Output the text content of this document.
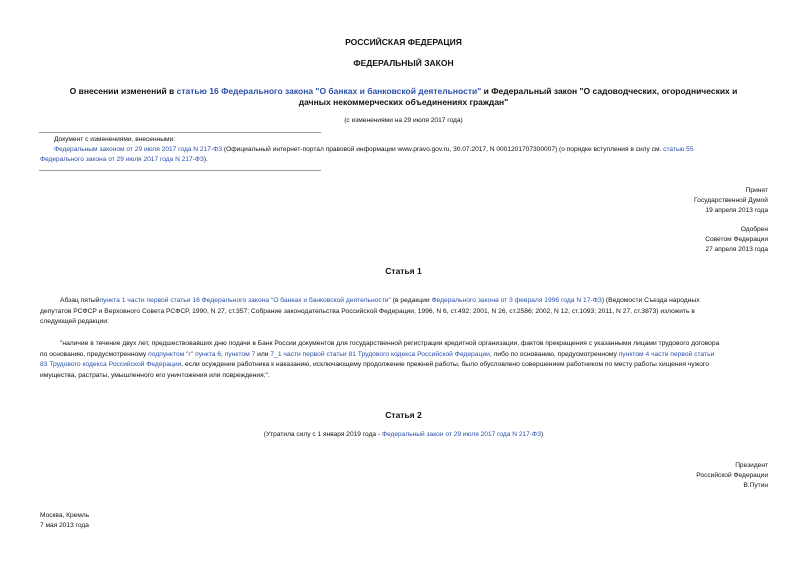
РОССИЙСКАЯ ФЕДЕРАЦИЯ
ФЕДЕРАЛЬНЫЙ ЗАКОН
О внесении изменений в статью 16 Федерального закона "О банках и банковской деятельности" и Федеральный закон "О садоводческих, огороднических и
дачных некоммерческих объединениях граждан"
(с изменениями на 29 июля 2017 года)
Документ с изменениями, внесенными:
Федеральным законом от 29 июля 2017 года N 217-ФЗ (Официальный интернет-портал правовой информации www.pravo.gov.ru, 30.07.2017, N 0001201707300007) (о порядке вступления в силу см. статью 55
Федерального закона от 29 июля 2017 года N 217-ФЗ).
Принят
Государственной Думой
19 апреля 2013 года
Одобрен
Советом Федерации
27 апреля 2013 года
Статья 1
Абзац пятыйпункта 1 части первой статьи 16 Федерального закона "О банках и банковской деятельности" (в редакции Федерального закона от 3 февраля 1996 года N 17-ФЗ) (Ведомости Съезда народных
депутатов РСФСР и Верховного Совета РСФСР, 1990, N 27, ст.357; Собрание законодательства Российской Федерации, 1996, N 6, ст.492; 2001, N 26, ст.2586; 2002, N 12, ст.1093; 2011, N 27, ст.3873) изложить в
следующей редакции:
"наличие в течение двух лет, предшествовавших дню подачи в Банк России документов для государственной регистрации кредитной организации, фактов прекращения с указанными лицами трудового договора
по основанию, предусмотренному подпунктом "г" пункта 6, пунктом 7 или 7_1 части первой статьи 81 Трудового кодекса Российской Федерации, либо по основанию, предусмотренному пунктом 4 части первой статьи
83 Трудового кодекса Российской Федерации, если осуждение работника к наказанию, исключающему продолжение прежней работы, было обусловлено совершением работником по месту работы хищения чужого
имущества, растраты, умышленного его уничтожения или повреждения;".
Статья 2
(Утратила силу с 1 января 2019 года - Федеральный закон от 29 июля 2017 года N 217-ФЗ)
Президент
Российской Федерации
В.Путин
Москва, Кремль
7 мая 2013 года
